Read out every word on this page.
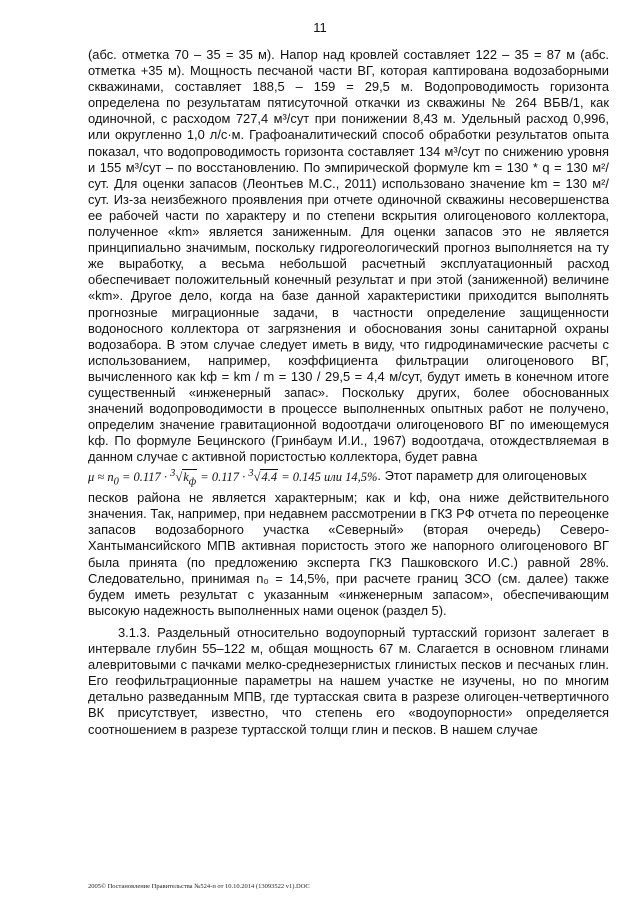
11

(абс. отметка 70 – 35 = 35 м). Напор над кровлей составляет 122 – 35 = 87 м (абс. отметка +35 м). Мощность песчаной части ВГ, которая каптирована водозаборными скважинами, составляет 188,5 – 159 = 29,5 м. Водопроводимость горизонта определена по результатам пятисуточной откачки из скважины № 264 ВБВ/1, как одиночной, с расходом 727,4 м³/сут при понижении 8,43 м. Удельный расход 0,996, или округленно 1,0 л/с·м. Графоаналитический способ обработки результатов опыта показал, что водопроводимость горизонта составляет 134 м³/сут по снижению уровня и 155 м³/сут – по восстановлению. По эмпирической формуле km = 130 * q = 130 м²/сут. Для оценки запасов (Леонтьев М.С., 2011) использовано значение km = 130 м²/сут. Из-за неизбежного проявления при отчете одиночной скважины несовершенства ее рабочей части по характеру и по степени вскрытия олигоценового коллектора, полученное «km» является заниженным. Для оценки запасов это не является принципиально значимым, поскольку гидрогеологический прогноз выполняется на ту же выработку, а весьма небольшой расчетный эксплуатационный расход обеспечивает положительный конечный результат и при этой (заниженной) величине «km». Другое дело, когда на базе данной характеристики приходится выполнять прогнозные миграционные задачи, в частности определение защищенности водоносного коллектора от загрязнения и обоснования зоны санитарной охраны водозабора. В этом случае следует иметь в виду, что гидродинамические расчеты с использованием, например, коэффициента фильтрации олигоценового ВГ, вычисленного как kф = km / m = 130 / 29,5 = 4,4 м/сут, будут иметь в конечном итоге существенный «инженерный запас». Поскольку других, более обоснованных значений водопроводимости в процессе выполненных опытных работ не получено, определим значение гравитационной водоотдачи олигоценового ВГ по имеющемуся kф. По формуле Бецинского (Гринбаум И.И., 1967) водоотдача, отождествляемая в данном случае с активной пористостью коллектора, будет равна

$\mu \approx n_0 = 0.117 \cdot ^3√k_ф = 0.117 \cdot ^3√4.4 = 0.145$ или 14,5%. Этот параметр для олигоценовых

песков района не является характерным; как и kф, она ниже действительного значения. Так, например, при недавнем рассмотрении в ГКЗ РФ отчета по переоценке запасов водозаборного участка «Северный» (вторая очередь) Северо-Хантымансийского МПВ активная пористость этого же напорного олигоценового ВГ была принята (по предложению эксперта ГКЗ Пашковского И.С.) равной 28%. Следовательно, принимая n₀ = 14,5%, при расчете границ ЗСО (см. далее) также будем иметь результат с указанным «инженерным запасом», обеспечивающим высокую надежность выполненных нами оценок (раздел 5).

3.1.3. Раздельный относительно водоупорный туртасский горизонт залегает в интервале глубин 55–122 м, общая мощность 67 м. Слагается в основном глинами алевритовыми с пачками мелко-среднезернистых глинистых песков и песчаных глин. Его геофильтрационные параметры на нашем участке не изучены, но по многим детально разведанным МПВ, где туртасская свита в разрезе олигоцен-четвертичного ВК присутствует, известно, что степень его «водоупорности» определяется соотношением в разрезе туртасской толщи глин и песков. В нашем случае

2005© Постановление Правительства №524-п от 10.10.2014 (13093522 v1).DOC
